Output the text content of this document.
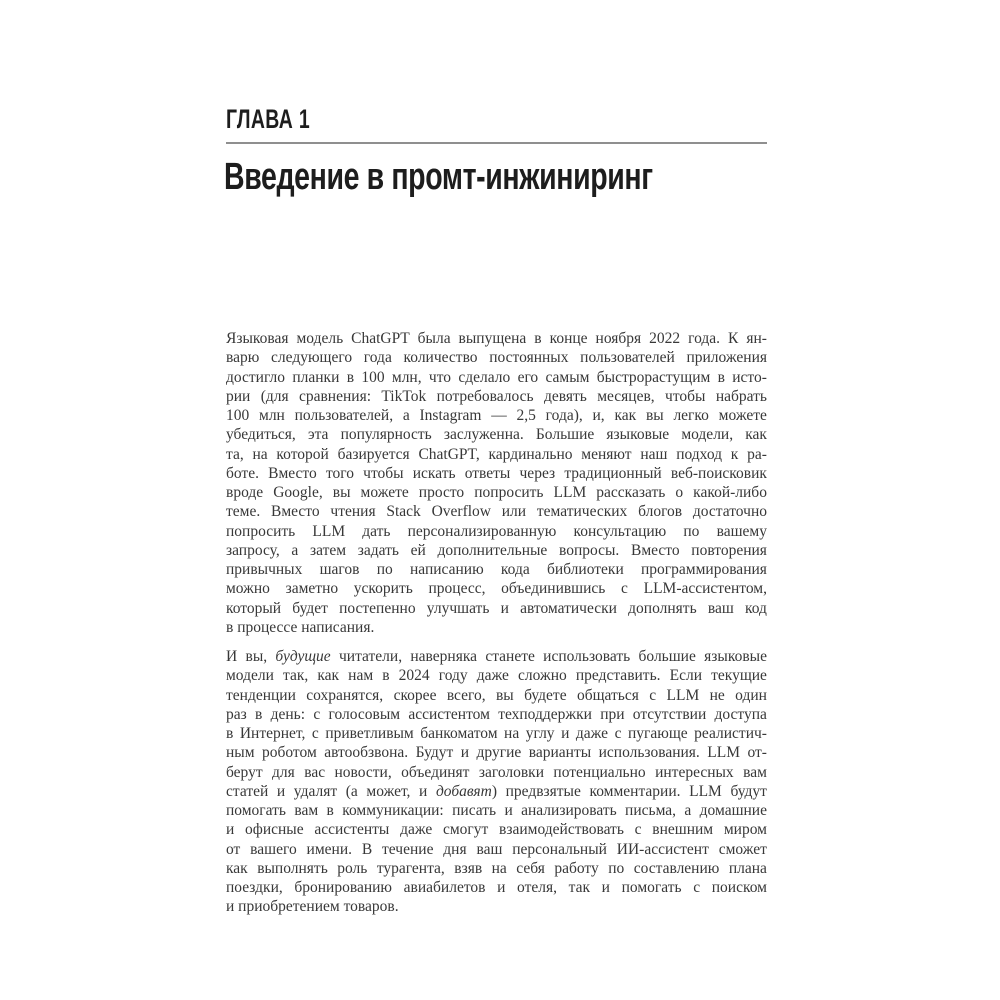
ГЛАВА 1
Введение в промт-инжиниринг
Языковая модель ChatGPT была выпущена в конце ноября 2022 года. К ян-
варю следующего года количество постоянных пользователей приложения
достигло планки в 100 млн, что сделало его самым быстрорастущим в исто-
рии (для сравнения: TikTok потребовалось девять месяцев, чтобы набрать
100 млн пользователей, а Instagram — 2,5 года), и, как вы легко можете
убедиться, эта популярность заслуженна. Большие языковые модели, как
та, на которой базируется ChatGPT, кардинально меняют наш подход к ра-
боте. Вместо того чтобы искать ответы через традиционный веб-поисковик
вроде Google, вы можете просто попросить LLM рассказать о какой-либо
теме. Вместо чтения Stack Overflow или тематических блогов достаточно
попросить LLM дать персонализированную консультацию по вашему
запросу, а затем задать ей дополнительные вопросы. Вместо повторения
привычных шагов по написанию кода библиотеки программирования
можно заметно ускорить процесс, объединившись с LLM-ассистентом,
который будет постепенно улучшать и автоматически дополнять ваш код
в процессе написания.
И вы, будущие читатели, наверняка станете использовать большие языковые
модели так, как нам в 2024 году даже сложно представить. Если текущие
тенденции сохранятся, скорее всего, вы будете общаться с LLM не один
раз в день: с голосовым ассистентом техподдержки при отсутствии доступа
в Интернет, с приветливым банкоматом на углу и даже с пугающе реалистич-
ным роботом автообзвона. Будут и другие варианты использования. LLM от-
берут для вас новости, объединят заголовки потенциально интересных вам
статей и удалят (а может, и добавят) предвзятые комментарии. LLM будут
помогать вам в коммуникации: писать и анализировать письма, а домашние
и офисные ассистенты даже смогут взаимодействовать с внешним миром
от вашего имени. В течение дня ваш персональный ИИ-ассистент сможет
как выполнять роль турагента, взяв на себя работу по составлению плана
поездки, бронированию авиабилетов и отеля, так и помогать с поиском
и приобретением товаров.
